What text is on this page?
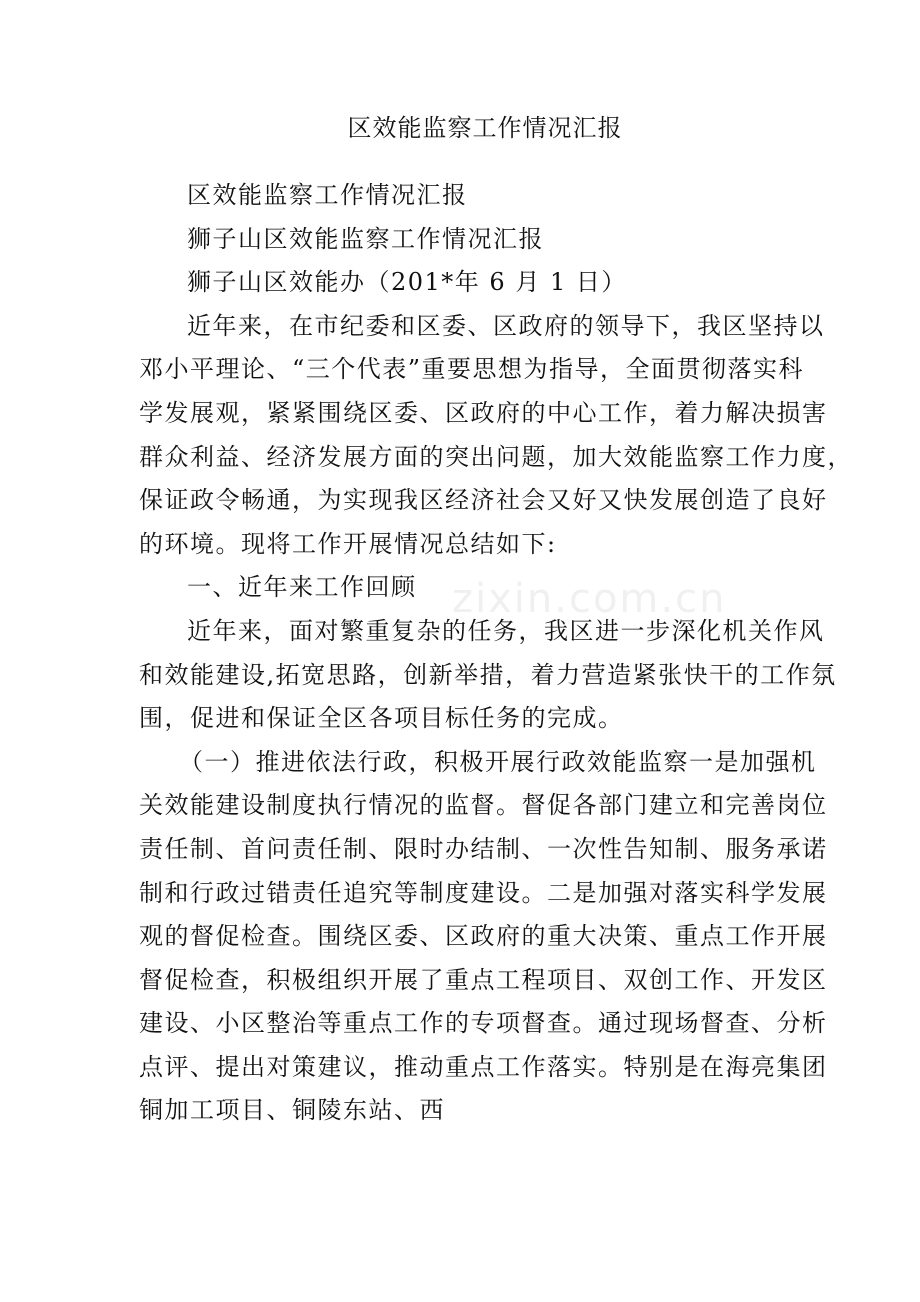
区效能监察工作情况汇报
zixin.com.cn
区效能监察工作情况汇报
狮子山区效能监察工作情况汇报
狮子山区效能办（201*年 6 月 1 日）
近年来，在市纪委和区委、区政府的领导下，我区坚持以
邓小平理论、“三个代表”重要思想为指导，全面贯彻落实科
学发展观，紧紧围绕区委、区政府的中心工作，着力解决损害
群众利益、经济发展方面的突出问题，加大效能监察工作力度，
保证政令畅通，为实现我区经济社会又好又快发展创造了良好
的环境。现将工作开展情况总结如下:
一、近年来工作回顾
近年来，面对繁重复杂的任务，我区进一步深化机关作风
和效能建设,拓宽思路，创新举措，着力营造紧张快干的工作氛
围，促进和保证全区各项目标任务的完成。
（一）推进依法行政，积极开展行政效能监察一是加强机
关效能建设制度执行情况的监督。督促各部门建立和完善岗位
责任制、首问责任制、限时办结制、一次性告知制、服务承诺
制和行政过错责任追究等制度建设。二是加强对落实科学发展
观的督促检查。围绕区委、区政府的重大决策、重点工作开展
督促检查，积极组织开展了重点工程项目、双创工作、开发区
建设、小区整治等重点工作的专项督查。通过现场督查、分析
点评、提出对策建议，推动重点工作落实。特别是在海亮集团
铜加工项目、铜陵东站、西
